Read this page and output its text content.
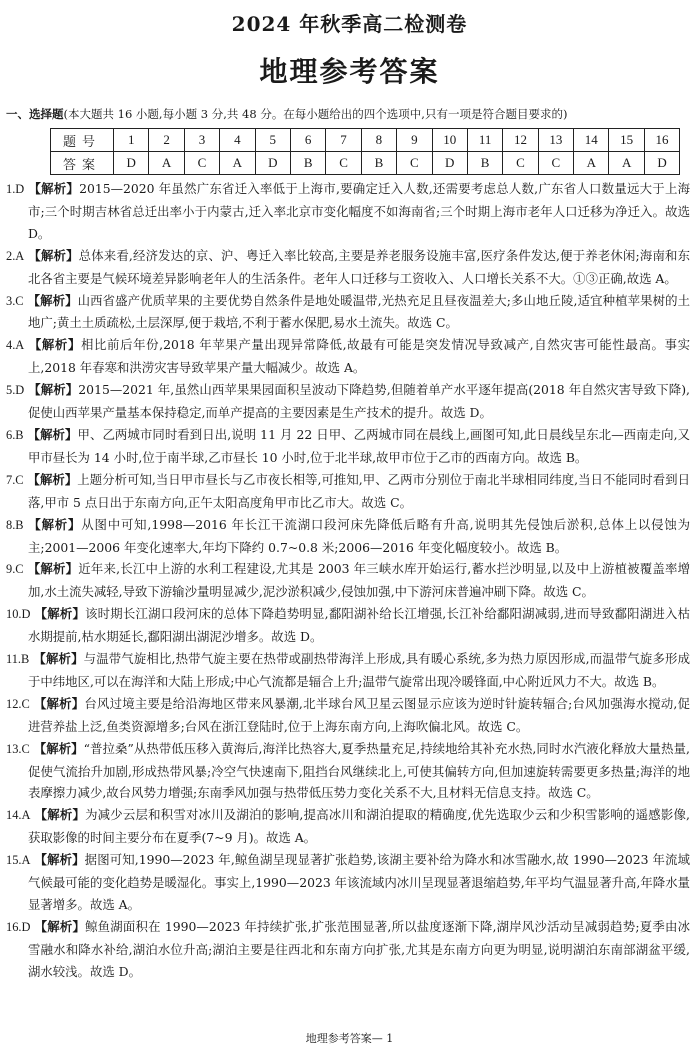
2024 年秋季高二检测卷
地理参考答案
一、选择题(本大题共 16 小题,每小题 3 分,共 48 分。在每小题给出的四个选项中,只有一项是符合题目要求的)
题号	1	2	3	4	5	6	7	8	9	10	11	12	13	14	15	16
答案	D	A	C	A	D	B	C	B	C	D	B	C	C	A	A	D

1.D 【解析】2015—2020 年虽然广东省迁入率低于上海市,要确定迁入人数,还需要考虑总人数,广东省人口数量远大于上海市;三个时期吉林省总迁出率小于内蒙古,迁入率北京市变化幅度不如海南省;三个时期上海市老年人口迁移为净迁入。故选 D。

2.A 【解析】总体来看,经济发达的京、沪、粤迁入率比较高,主要是养老服务设施丰富,医疗条件发达,便于养老休闲;海南和东北各省主要是气候环境差异影响老年人的生活条件。老年人口迁移与工资收入、人口增长关系不大。①③正确,故选 A。

3.C 【解析】山西省盛产优质苹果的主要优势自然条件是地处暖温带,光热充足且昼夜温差大;多山地丘陵,适宜种植苹果树的土地广;黄土土质疏松,土层深厚,便于栽培,不利于蓄水保肥,易水土流失。故选 C。

4.A 【解析】相比前后年份,2018 年苹果产量出现异常降低,故最有可能是突发情况导致减产,自然灾害可能性最高。事实上,2018 年春寒和洪涝灾害导致苹果产量大幅减少。故选 A。

5.D 【解析】2015—2021 年,虽然山西苹果果园面积呈波动下降趋势,但随着单产水平逐年提高(2018 年自然灾害导致下降),促使山西苹果产量基本保持稳定,而单产提高的主要因素是生产技术的提升。故选 D。

6.B 【解析】甲、乙两城市同时看到日出,说明 11 月 22 日甲、乙两城市同在晨线上,画图可知,此日晨线呈东北—西南走向,又甲市昼长为 14 小时,位于南半球,乙市昼长 10 小时,位于北半球,故甲市位于乙市的西南方向。故选 B。

7.C 【解析】上题分析可知,当日甲市昼长与乙市夜长相等,可推知,甲、乙两市分别位于南北半球相同纬度,当日不能同时看到日落,甲市 5 点日出于东南方向,正午太阳高度角甲市比乙市大。故选 C。

8.B 【解析】从图中可知,1998—2016 年长江干流湖口段河床先降低后略有升高,说明其先侵蚀后淤积,总体上以侵蚀为主;2001—2006 年变化速率大,年均下降约 0.7~0.8 米;2006—2016 年变化幅度较小。故选 B。

9.C 【解析】近年来,长江中上游的水利工程建设,尤其是 2003 年三峡水库开始运行,蓄水拦沙明显,以及中上游植被覆盖率增加,水土流失减轻,导致下游输沙量明显减少,泥沙淤积减少,侵蚀加强,中下游河床普遍冲刷下降。故选 C。

10.D 【解析】该时期长江湖口段河床的总体下降趋势明显,鄱阳湖补给长江增强,长江补给鄱阳湖减弱,进而导致鄱阳湖进入枯水期提前,枯水期延长,鄱阳湖出湖泥沙增多。故选 D。

11.B 【解析】与温带气旋相比,热带气旋主要在热带或副热带海洋上形成,具有暖心系统,多为热力原因形成,而温带气旋多形成于中纬地区,可以在海洋和大陆上形成;中心气流都是辐合上升;温带气旋常出现冷暖锋面,中心附近风力不大。故选 B。

12.C 【解析】台风过境主要是给沿海地区带来风暴潮,北半球台风卫星云图显示应该为逆时针旋转辐合;台风加强海水搅动,促进营养盐上泛,鱼类资源增多;台风在浙江登陆时,位于上海东南方向,上海吹偏北风。故选 C。

13.C 【解析】“普拉桑”从热带低压移入黄海后,海洋比热容大,夏季热量充足,持续地给其补充水热,同时水汽液化释放大量热量,促使气流抬升加剧,形成热带风暴;冷空气快速南下,阻挡台风继续北上,可使其偏转方向,但加速旋转需要更多热量;海洋的地表摩擦力减少,故台风势力增强;东南季风加强与热带低压势力变化关系不大,且材料无信息支持。故选 C。

14.A 【解析】为减少云层和积雪对冰川及湖泊的影响,提高冰川和湖泊提取的精确度,优先选取少云和少积雪影响的遥感影像,获取影像的时间主要分布在夏季(7~9 月)。故选 A。

15.A 【解析】据图可知,1990—2023 年,鲸鱼湖呈现显著扩张趋势,该湖主要补给为降水和冰雪融水,故 1990—2023 年流域气候最可能的变化趋势是暖湿化。事实上,1990—2023 年该流域内冰川呈现显著退缩趋势,年平均气温显著升高,年降水量显著增多。故选 A。

16.D 【解析】鲸鱼湖面积在 1990—2023 年持续扩张,扩张范围显著,所以盐度逐渐下降,湖岸风沙活动呈减弱趋势;夏季由冰雪融水和降水补给,湖泊水位升高;湖泊主要是往西北和东南方向扩张,尤其是东南方向更为明显,说明湖泊东南部湖盆平缓,湖水较浅。故选 D。

地理参考答案— 1
